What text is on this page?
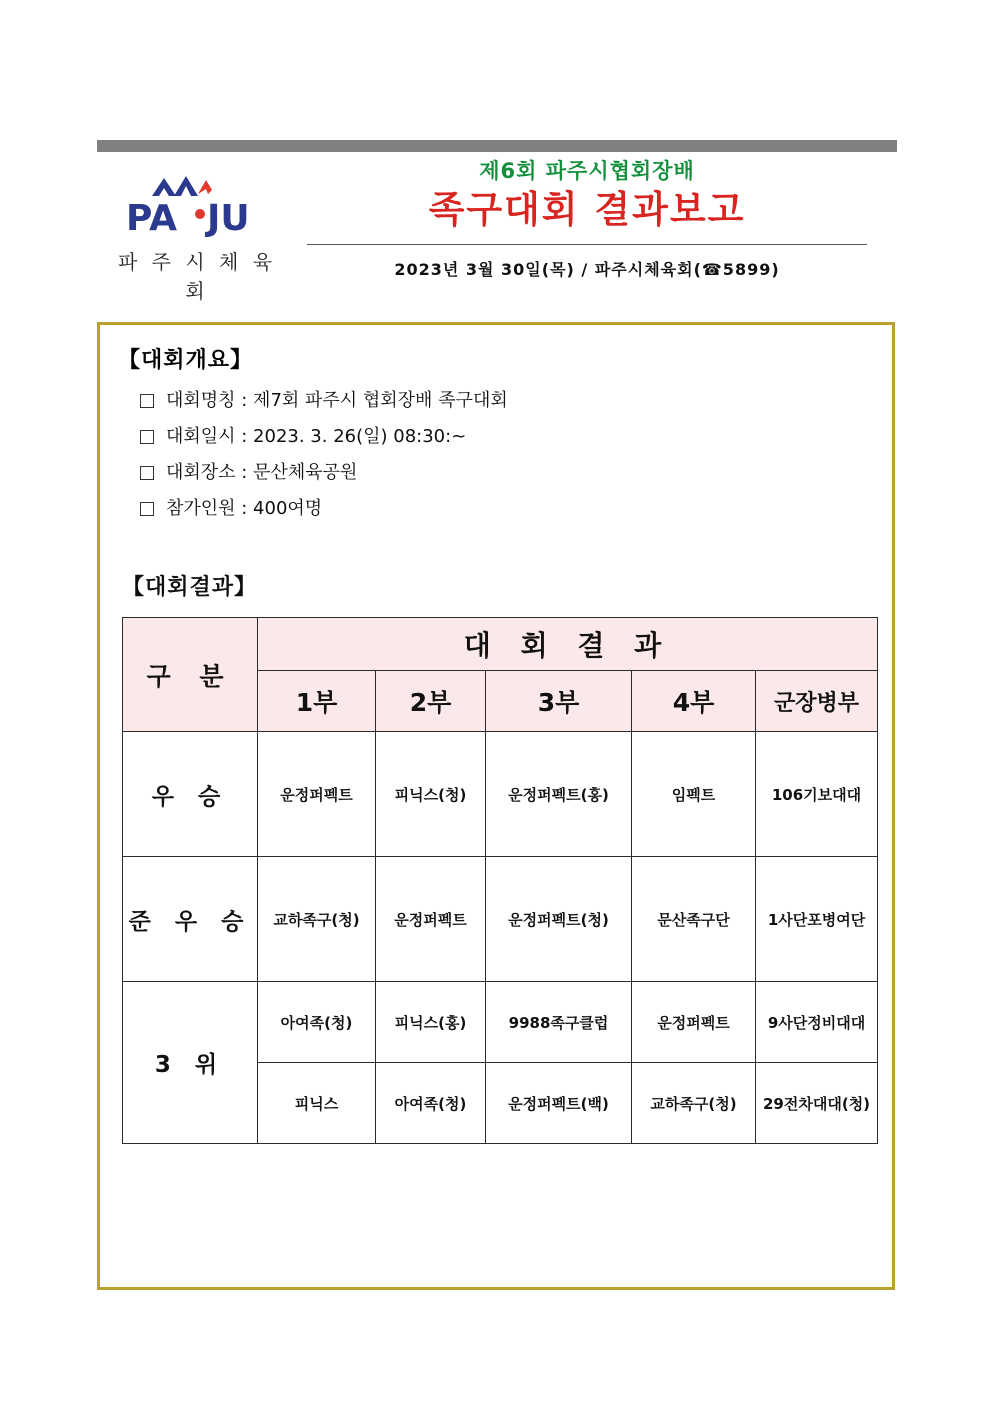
PA JU
파 주 시 체 육 회
제6회 파주시협회장배
족구대회 결과보고
2023년 3월 30일(목) / 파주시체육회(☎5899)
【대회개요】
대회명칭 : 제7회 파주시 협회장배 족구대회
대회일시 : 2023. 3. 26(일) 08:30:~
대회장소 : 문산체육공원
참가인원 : 400여명
【대회결과】
구 분	대 회 결 과				
	1부	2부	3부	4부	군장병부
우 승	운정퍼펙트	피닉스(청)	운정퍼펙트(홍)	임펙트	106기보대대
준 우 승	교하족구(청)	운정퍼펙트	운정퍼펙트(청)	문산족구단	1사단포병여단
3 위	아여족(청)	피닉스(홍)	9988족구클럽	운정퍼펙트	9사단정비대대
	피닉스	아여족(청)	운정퍼펙트(백)	교하족구(청)	29전차대대(청)
